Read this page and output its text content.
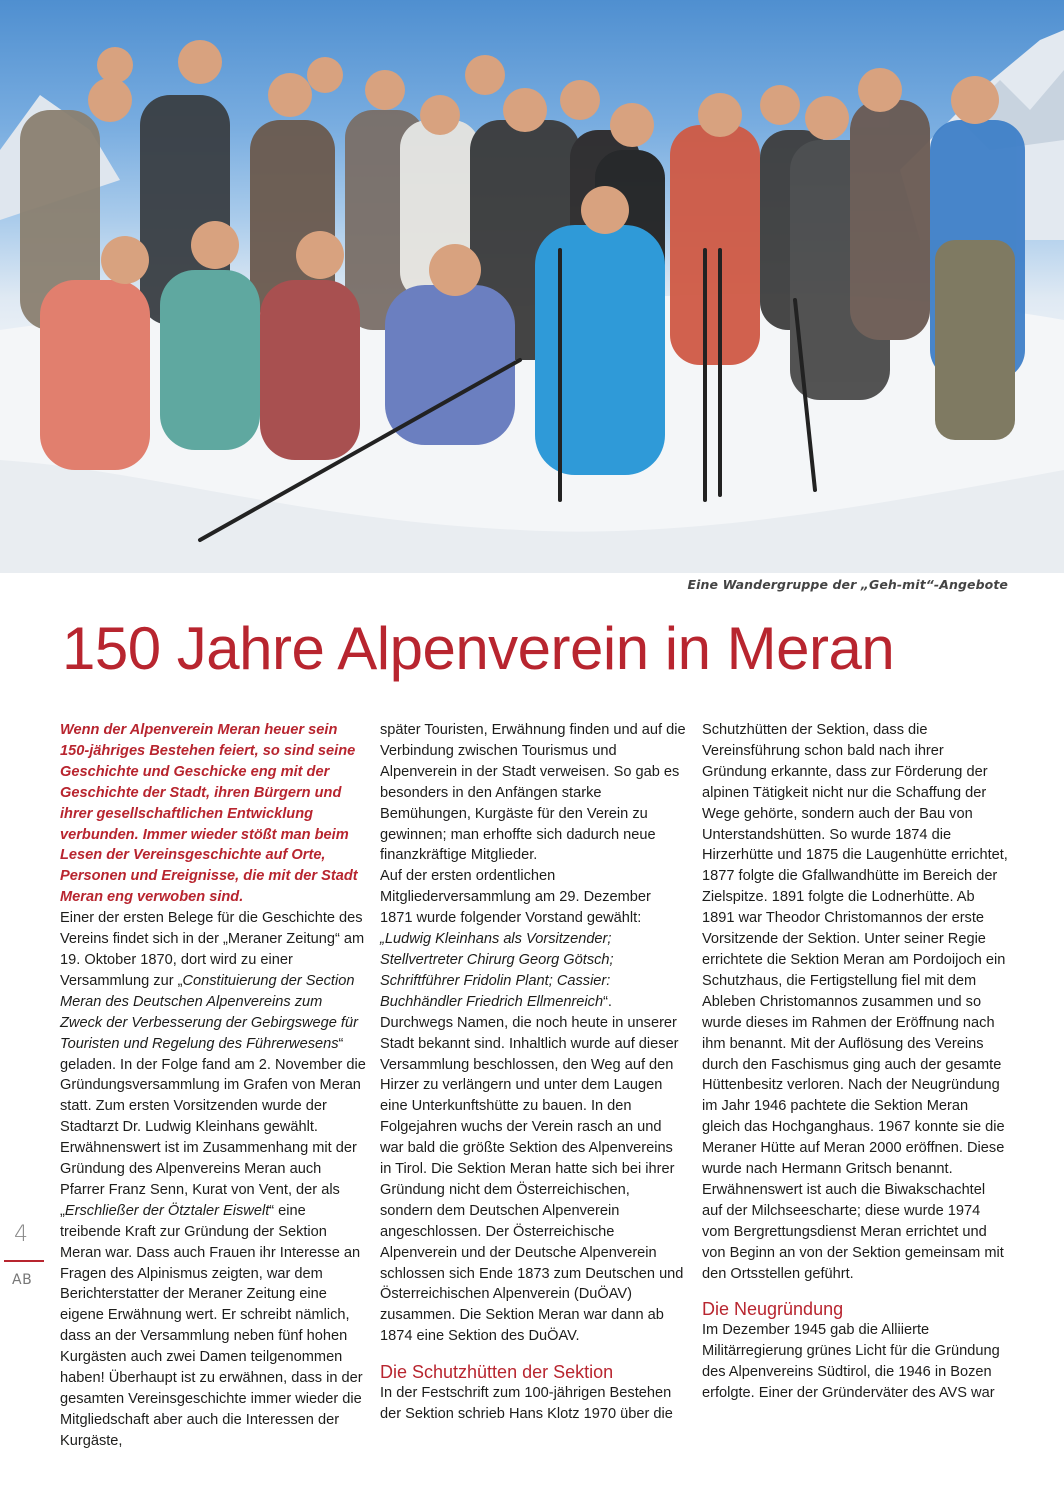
Eine Wandergruppe der „Geh-mit“-Angebote
150 Jahre Alpenverein in Meran

Wenn der Alpenverein Meran heuer sein 150-jähriges Bestehen feiert, so sind seine Geschichte und Geschicke eng mit der Geschichte der Stadt, ihren Bürgern und ihrer gesellschaftlichen Entwicklung verbunden. Immer wieder stößt man beim Lesen der Vereinsgeschichte auf Orte, Personen und Ereignisse, die mit der Stadt Meran eng verwoben sind.

Einer der ersten Belege für die Geschichte des Vereins findet sich in der „Meraner Zeitung“ am 19. Oktober 1870, dort wird zu einer Versammlung zur „Constituierung der Section Meran des Deutschen Alpenvereins zum Zweck der Verbesserung der Gebirgswege für Touristen und Regelung des Führerwesens“ geladen. In der Folge fand am 2. November die Gründungsversammlung im Grafen von Meran statt. Zum ersten Vorsitzenden wurde der Stadtarzt Dr. Ludwig Kleinhans gewählt. Erwähnenswert ist im Zusammenhang mit der Gründung des Alpenvereins Meran auch Pfarrer Franz Senn, Kurat von Vent, der als „Erschließer der Ötztaler Eiswelt“ eine treibende Kraft zur Gründung der Sektion Meran war. Dass auch Frauen ihr Interesse an Fragen des Alpinismus zeigten, war dem Berichterstatter der Meraner Zeitung eine eigene Erwähnung wert. Er schreibt nämlich, dass an der Versammlung neben fünf hohen Kurgästen auch zwei Damen teilgenommen haben! Überhaupt ist zu erwähnen, dass in der gesamten Vereinsgeschichte immer wieder die Mitgliedschaft aber auch die Interessen der Kurgäste,

später Touristen, Erwähnung finden und auf die Verbindung zwischen Tourismus und Alpenverein in der Stadt verweisen. So gab es besonders in den Anfängen starke Bemühungen, Kurgäste für den Verein zu gewinnen; man erhoffte sich dadurch neue finanzkräftige Mitglieder.

Auf der ersten ordentlichen Mitgliederversammlung am 29. Dezember 1871 wurde folgender Vorstand gewählt: „Ludwig Kleinhans als Vorsitzender; Stellvertreter Chirurg Georg Götsch; Schriftführer Fridolin Plant; Cassier: Buchhändler Friedrich Ellmenreich“. Durchwegs Namen, die noch heute in unserer Stadt bekannt sind. Inhaltlich wurde auf dieser Versammlung beschlossen, den Weg auf den Hirzer zu verlängern und unter dem Laugen eine Unterkunftshütte zu bauen. In den Folgejahren wuchs der Verein rasch an und war bald die größte Sektion des Alpenvereins in Tirol. Die Sektion Meran hatte sich bei ihrer Gründung nicht dem Österreichischen, sondern dem Deutschen Alpenverein angeschlossen. Der Österreichische Alpenverein und der Deutsche Alpenverein schlossen sich Ende 1873 zum Deutschen und Österreichischen Alpenverein (DuÖAV) zusammen. Die Sektion Meran war dann ab 1874 eine Sektion des DuÖAV.

Die Schutzhütten der Sektion

In der Festschrift zum 100-jährigen Bestehen der Sektion schrieb Hans Klotz 1970 über die

Schutzhütten der Sektion, dass die Vereinsführung schon bald nach ihrer Gründung erkannte, dass zur Förderung der alpinen Tätigkeit nicht nur die Schaffung der Wege gehörte, sondern auch der Bau von Unterstandshütten. So wurde 1874 die Hirzerhütte und 1875 die Laugenhütte errichtet, 1877 folgte die Gfallwandhütte im Bereich der Zielspitze. 1891 folgte die Lodnerhütte. Ab 1891 war Theodor Christomannos der erste Vorsitzende der Sektion. Unter seiner Regie errichtete die Sektion Meran am Pordoijoch ein Schutzhaus, die Fertigstellung fiel mit dem Ableben Christomannos zusammen und so wurde dieses im Rahmen der Eröffnung nach ihm benannt. Mit der Auflösung des Vereins durch den Faschismus ging auch der gesamte Hüttenbesitz verloren. Nach der Neugründung im Jahr 1946 pachtete die Sektion Meran gleich das Hochganghaus. 1967 konnte sie die Meraner Hütte auf Meran 2000 eröffnen. Diese wurde nach Hermann Gritsch benannt. Erwähnenswert ist auch die Biwakschachtel auf der Milchseescharte; diese wurde 1974 vom Bergrettungsdienst Meran errichtet und von Beginn an von der Sektion gemeinsam mit den Ortsstellen geführt.

Die Neugründung

Im Dezember 1945 gab die Alliierte Militärregierung grünes Licht für die Gründung des Alpenvereins Südtirol, die 1946 in Bozen erfolgte. Einer der Gründerväter des AVS war

4
AB
